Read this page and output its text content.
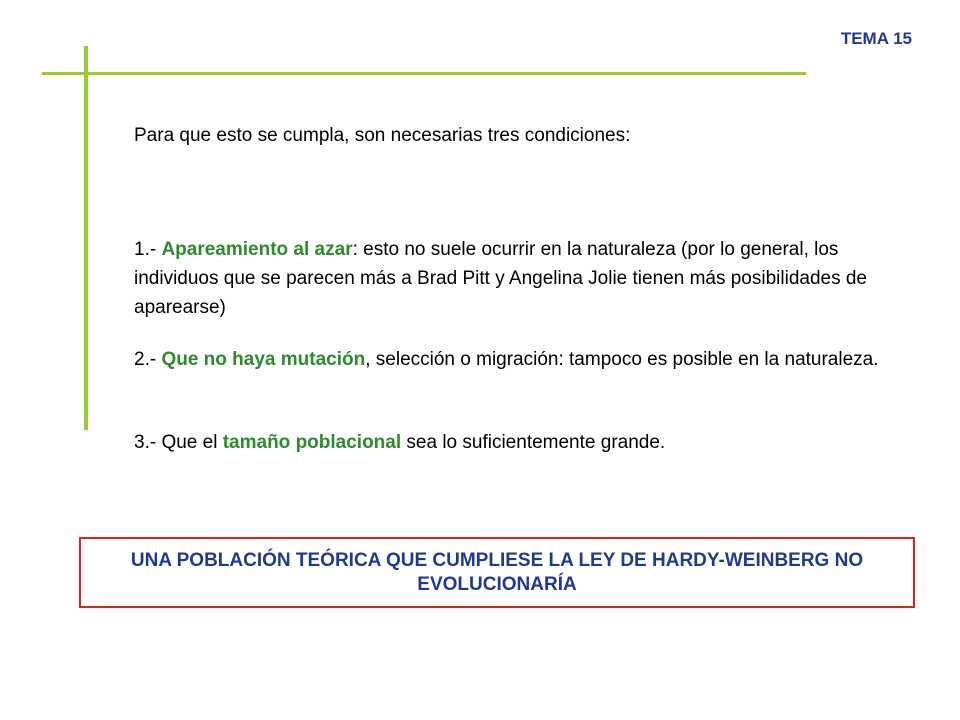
TEMA 15
Para que esto se cumpla, son necesarias tres condiciones:
1.- Apareamiento al azar: esto no suele ocurrir en la naturaleza (por lo general, los individuos que se parecen más a Brad Pitt y Angelina Jolie tienen más posibilidades de aparearse)
2.- Que no haya mutación, selección o migración: tampoco es posible en la naturaleza.
3.- Que el tamaño poblacional sea lo suficientemente grande.
UNA POBLACIÓN TEÓRICA QUE CUMPLIESE LA LEY DE HARDY-WEINBERG NO EVOLUCIONARÍA
